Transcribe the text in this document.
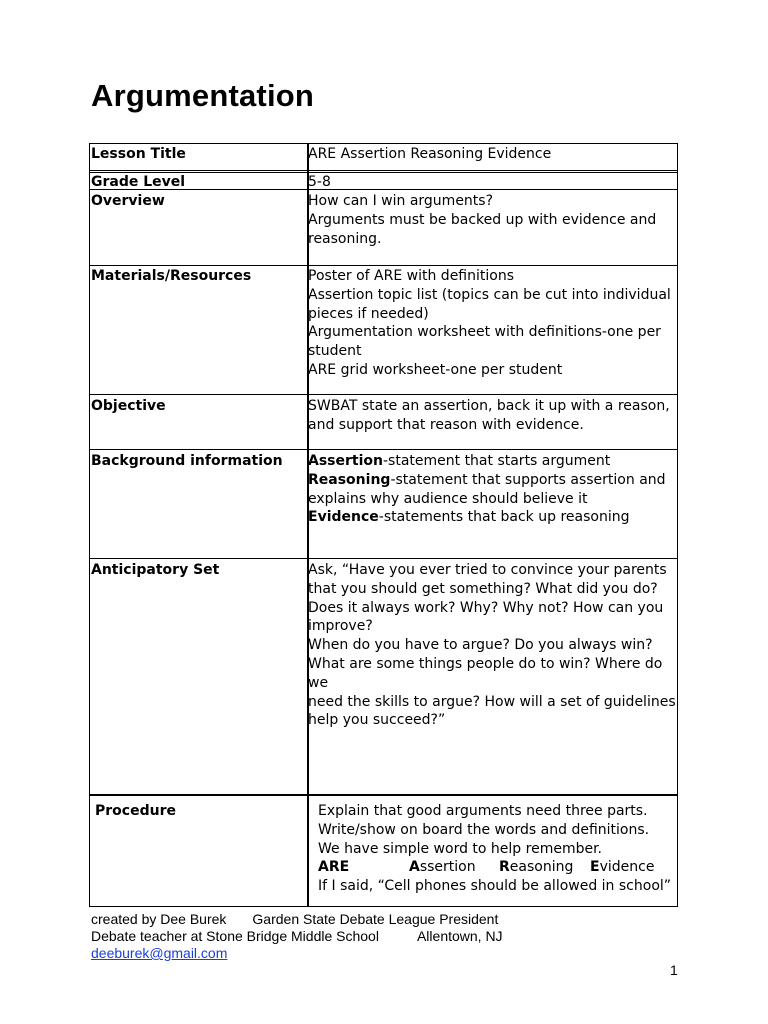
Argumentation
Lesson Title	ARE Assertion Reasoning Evidence
Grade Level	5-8
Overview	How can I win arguments?
Arguments must be backed up with evidence and
reasoning.
Materials/Resources	Poster of ARE with definitions
Assertion topic list (topics can be cut into individual
pieces if needed)
Argumentation worksheet with definitions-one per
student
ARE grid worksheet-one per student
Objective	SWBAT state an assertion, back it up with a reason,
and support that reason with evidence.
Background information	Assertion-statement that starts argument
Reasoning-statement that supports assertion and
explains why audience should believe it
Evidence-statements that back up reasoning
Anticipatory Set	Ask, “Have you ever tried to convince your parents
that you should get something? What did you do?
Does it always work? Why? Why not? How can you
improve?
When do you have to argue? Do you always win?
What are some things people do to win? Where do we
need the skills to argue? How will a set of guidelines
help you succeed?”
Procedure	Explain that good arguments need three parts.
Write/show on board the words and definitions.
We have simple word to help remember.
ARE	Assertion	Reasoning	Evidence
If I said, “Cell phones should be allowed in school”
created by Dee Burek Garden State Debate League President
Debate teacher at Stone Bridge Middle School	Allentown, NJ
deeburek@gmail.com
1
